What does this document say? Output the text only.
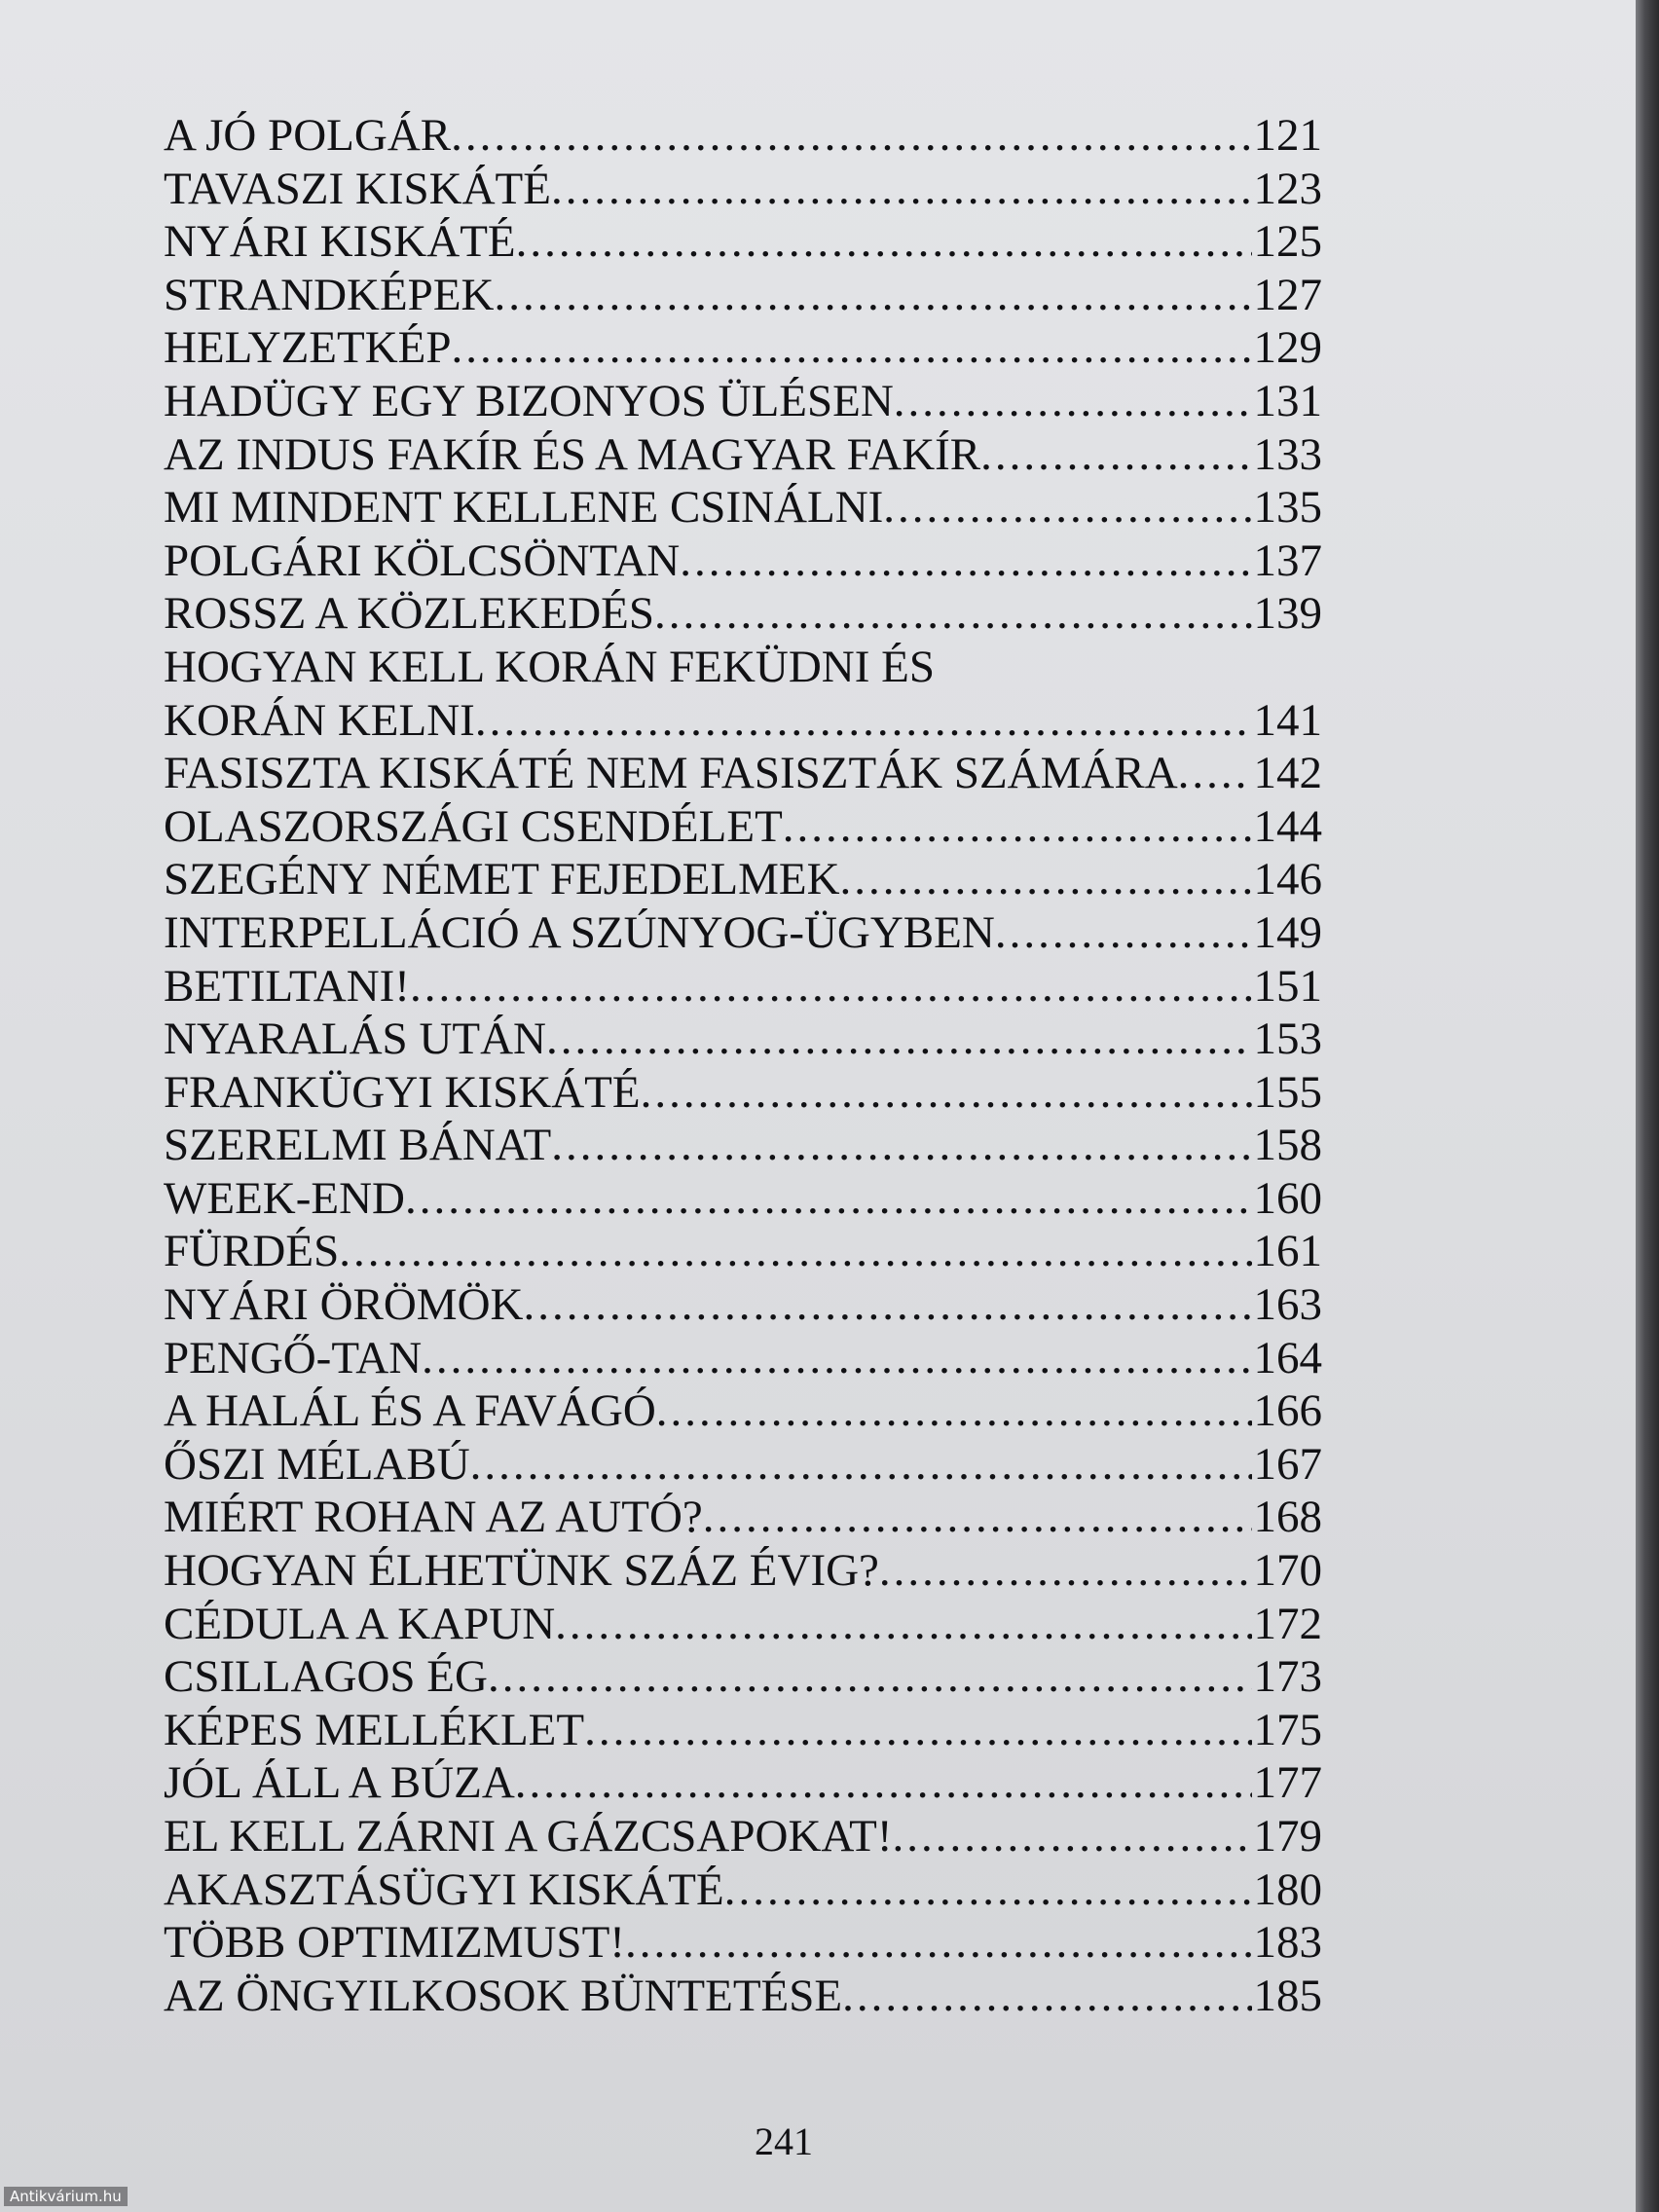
A JÓ POLGÁR .....	121
TAVASZI KISKÁTÉ .....	123
NYÁRI KISKÁTÉ .....	125
STRANDKÉPEK .....	127
HELYZETKÉP .....	129
HADÜGY EGY BIZONYOS ÜLÉSEN .....	131
AZ INDUS FAKÍR ÉS A MAGYAR FAKÍR .....	133
MI MINDENT KELLENE CSINÁLNI .....	135
POLGÁRI KÖLCSÖNTAN .....	137
ROSSZ A KÖZLEKEDÉS .....	139
HOGYAN KELL KORÁN FEKÜDNI ÉS
KORÁN KELNI .....	141
FASISZTA KISKÁTÉ NEM FASISZTÁK SZÁMÁRA ..... 142
OLASZORSZÁGI CSENDÉLET .....	144
SZEGÉNY NÉMET FEJEDELMEK .....	146
INTERPELLÁCIÓ A SZÚNYOG-ÜGYBEN .....	149
BETILTANI! .....	151
NYARALÁS UTÁN .....	153
FRANKÜGYI KISKÁTÉ .....	155
SZERELMI BÁNAT .....	158
WEEK-END .....	160
FÜRDÉS .....	161
NYÁRI ÖRÖMÖK .....	163
PENGŐ-TAN .....	164
A HALÁL ÉS A FAVÁGÓ .....	166
ŐSZI MÉLABÚ .....	167
MIÉRT ROHAN AZ AUTÓ? .....	168
HOGYAN ÉLHETÜNK SZÁZ ÉVIG? .....	170
CÉDULA A KAPUN .....	172
CSILLAGOS ÉG .....	173
KÉPES MELLÉKLET .....	175
JÓL ÁLL A BÚZA .....	177
EL KELL ZÁRNI A GÁZCSAPOKAT! .....	179
AKASZTÁSÜGYI KISKÁTÉ .....	180
TÖBB OPTIMIZMUST! .....	183
AZ ÖNGYILKOSOK BÜNTETÉSE .....	185
241
Antikvárium.hu
